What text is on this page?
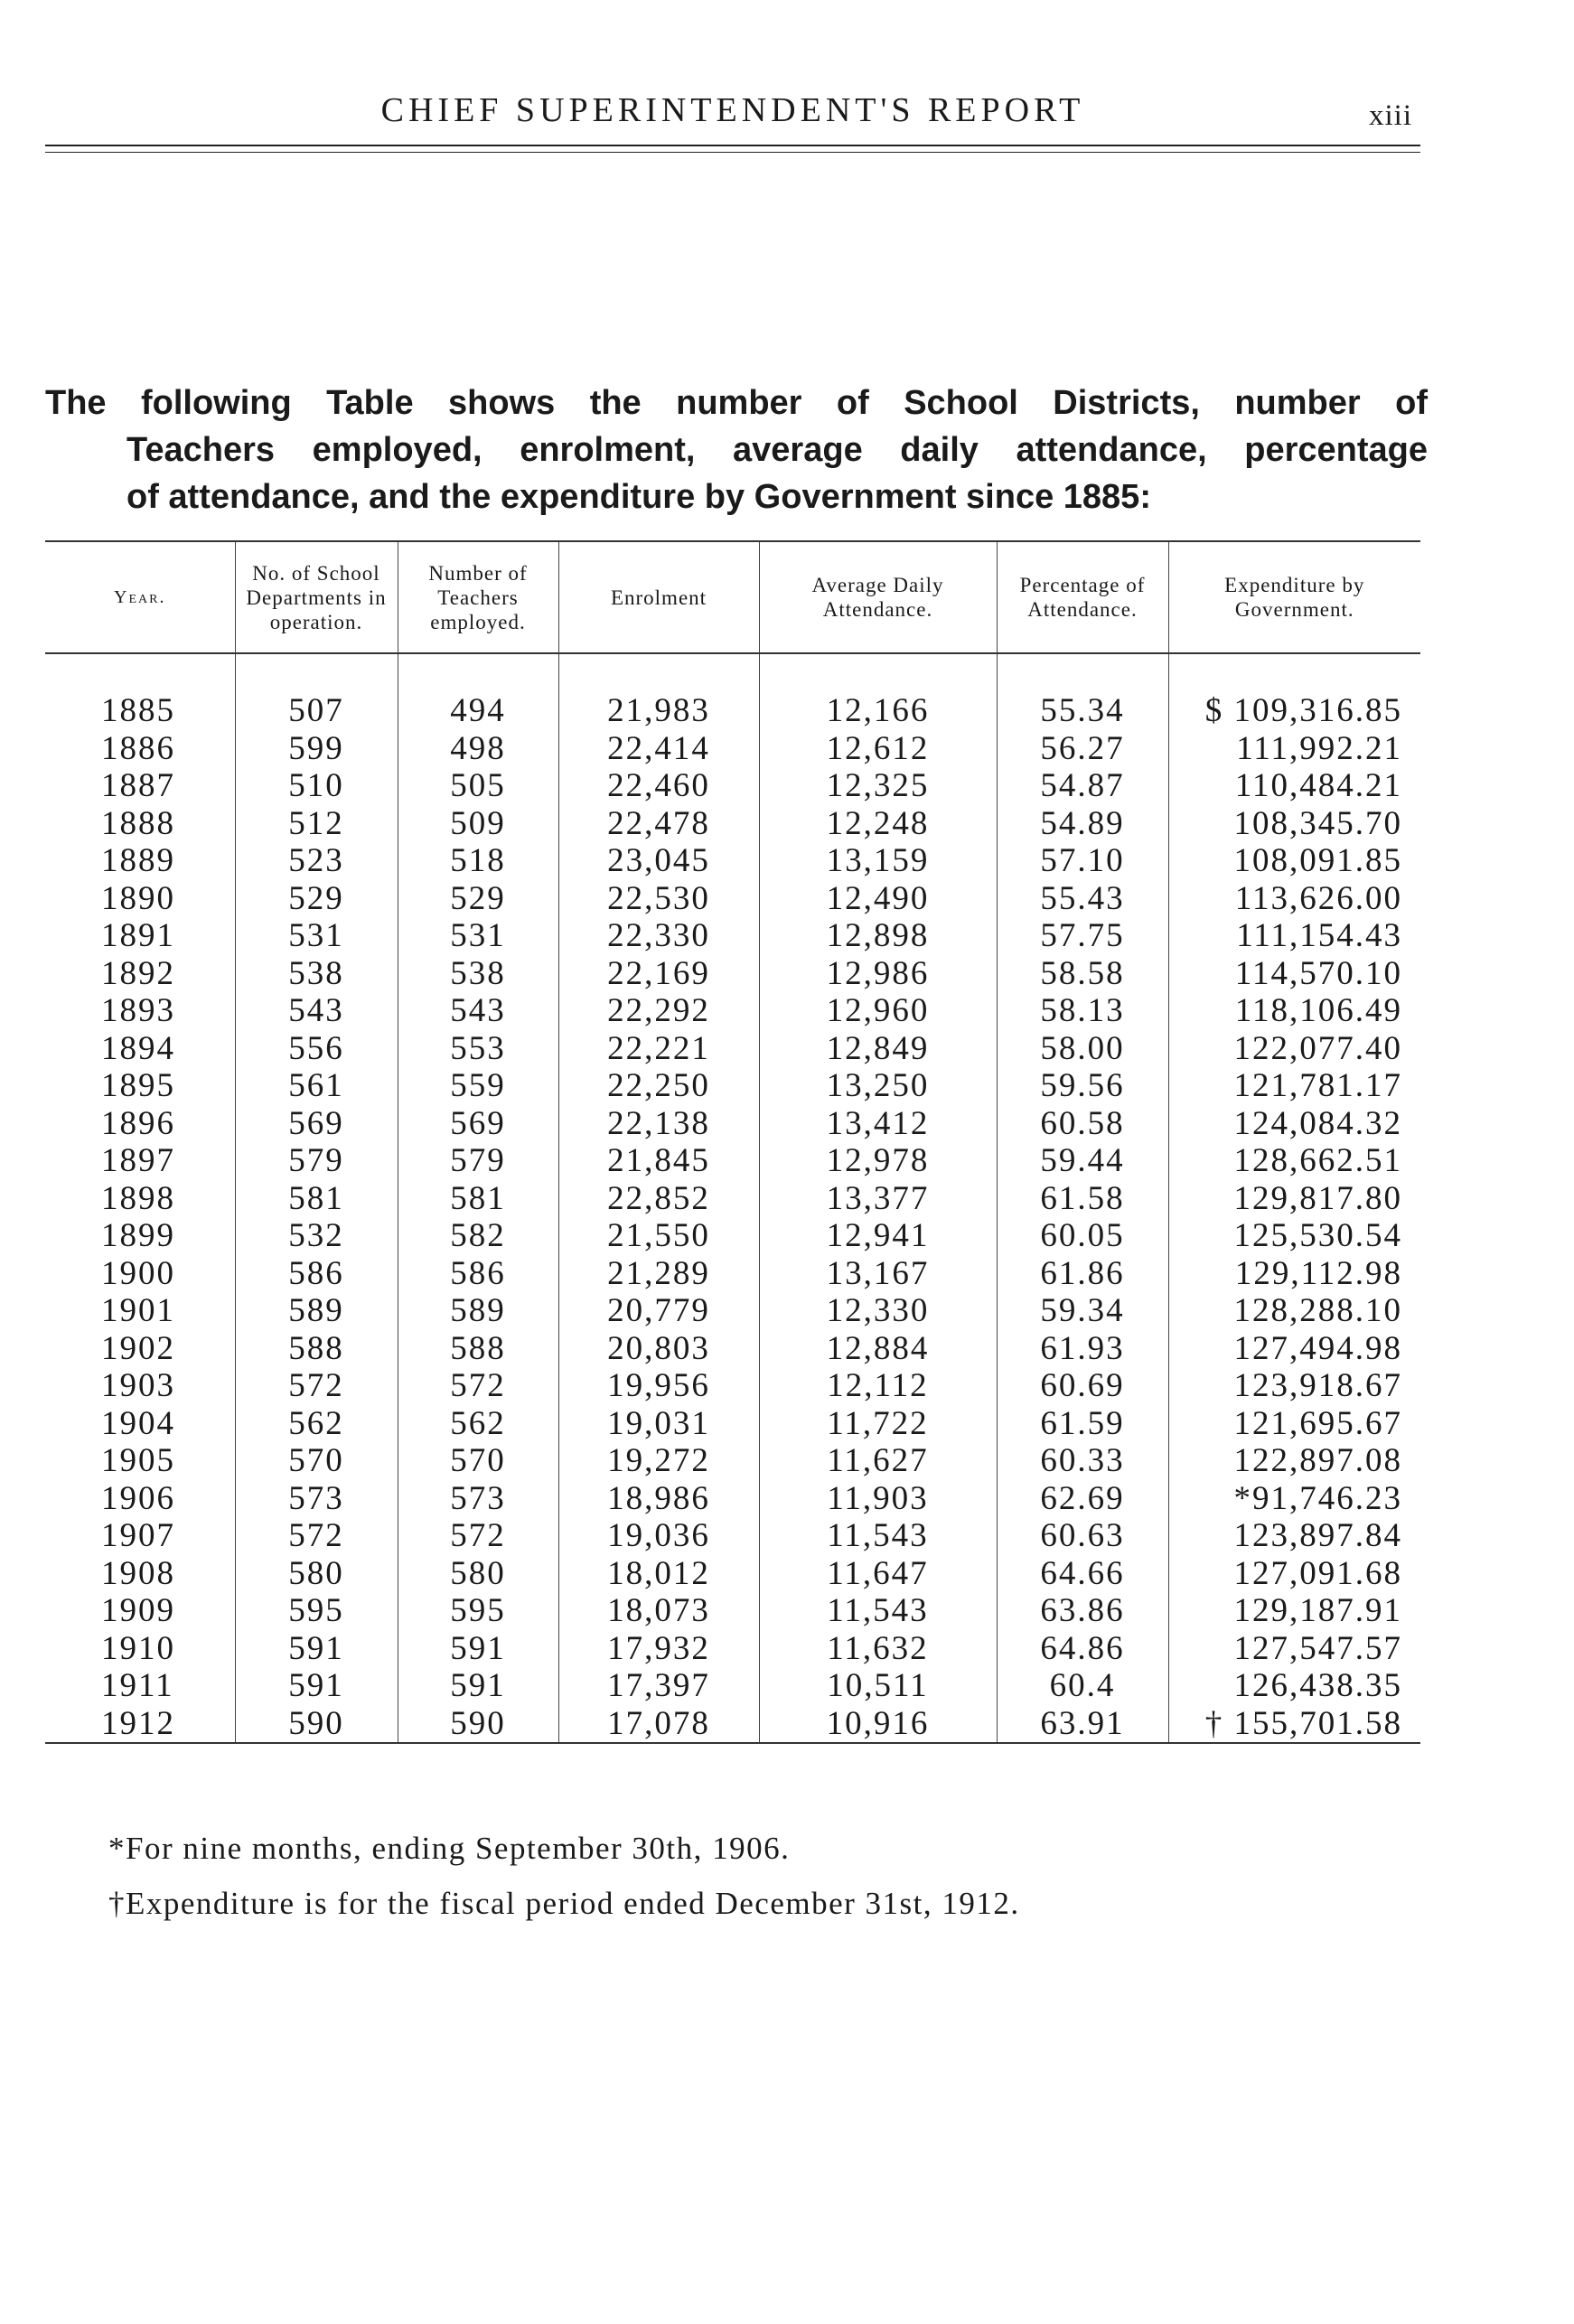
CHIEF SUPERINTENDENT'S REPORT	xiii
The following Table shows the number of School Districts, number of
Teachers employed, enrolment, average daily attendance, percentage
of attendance, and the expenditure by Government since 1885:
Year.	No. of School Departments in operation.	Number of Teachers employed.	Enrolment	Average Daily Attendance.	Percentage of Attendance.	Expenditure by Government.

1885	507	494	21,983	12,166	55.34	$ 109,316.85
1886	599	498	22,414	12,612	56.27	111,992.21
1887	510	505	22,460	12,325	54.87	110,484.21
1888	512	509	22,478	12,248	54.89	108,345.70
1889	523	518	23,045	13,159	57.10	108,091.85
1890	529	529	22,530	12,490	55.43	113,626.00
1891	531	531	22,330	12,898	57.75	111,154.43
1892	538	538	22,169	12,986	58.58	114,570.10
1893	543	543	22,292	12,960	58.13	118,106.49
1894	556	553	22,221	12,849	58.00	122,077.40
1895	561	559	22,250	13,250	59.56	121,781.17
1896	569	569	22,138	13,412	60.58	124,084.32
1897	579	579	21,845	12,978	59.44	128,662.51
1898	581	581	22,852	13,377	61.58	129,817.80
1899	532	582	21,550	12,941	60.05	125,530.54
1900	586	586	21,289	13,167	61.86	129,112.98
1901	589	589	20,779	12,330	59.34	128,288.10
1902	588	588	20,803	12,884	61.93	127,494.98
1903	572	572	19,956	12,112	60.69	123,918.67
1904	562	562	19,031	11,722	61.59	121,695.67
1905	570	570	19,272	11,627	60.33	122,897.08
1906	573	573	18,986	11,903	62.69	*91,746.23
1907	572	572	19,036	11,543	60.63	123,897.84
1908	580	580	18,012	11,647	64.66	127,091.68
1909	595	595	18,073	11,543	63.86	129,187.91
1910	591	591	17,932	11,632	64.86	127,547.57
1911	591	591	17,397	10,511	60.4	126,438.35
1912	590	590	17,078	10,916	63.91	† 155,701.58
*For nine months, ending September 30th, 1906.
†Expenditure is for the fiscal period ended December 31st, 1912.
